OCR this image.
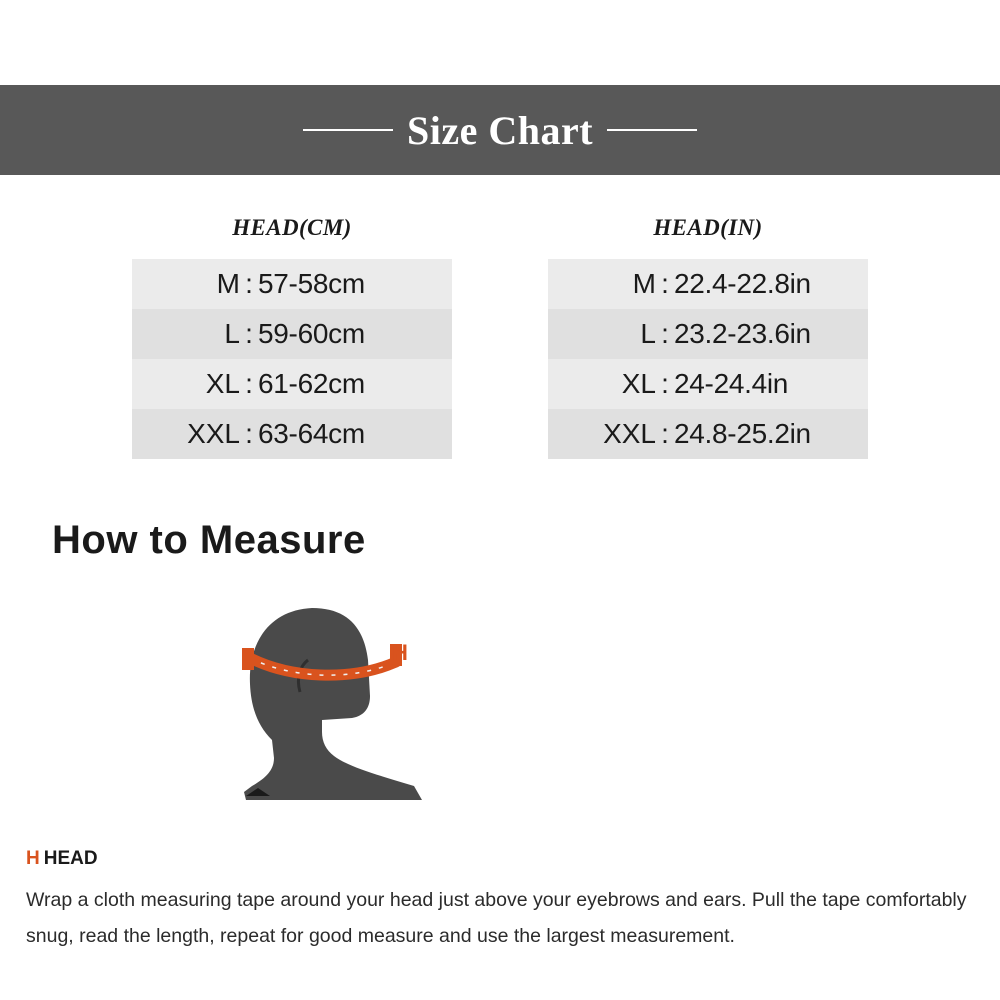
Size Chart
HEAD(CM)
M	:	57-58cm
L	:	59-60cm
XL	:	61-62cm
XXL	:	63-64cm
HEAD(IN)
M	:	22.4-22.8in
L	:	23.2-23.6in
XL	:	24-24.4in
XXL	:	24.8-25.2in
How to Measure
H
H HEAD
Wrap a cloth measuring tape around your head just above your eyebrows and ears. Pull the tape comfortably snug, read the length, repeat for good measure and use the largest measurement.
